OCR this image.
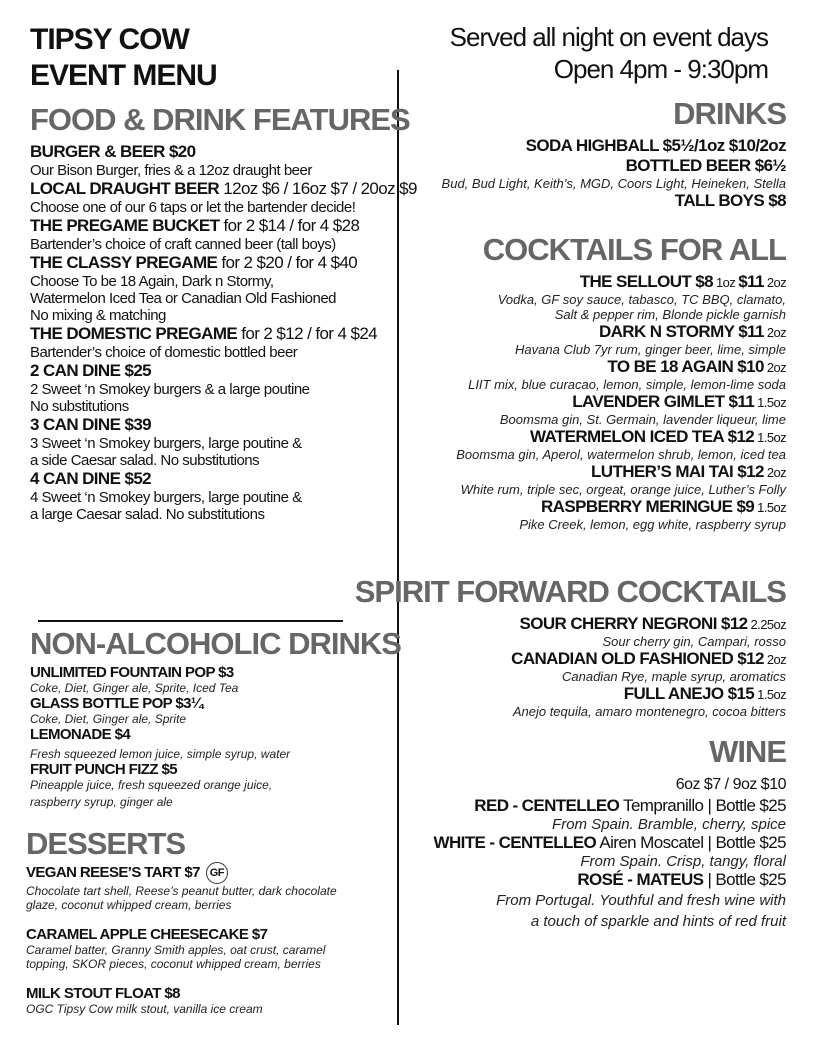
TIPSY COW
EVENT MENU
Served all night on event days
Open 4pm - 9:30pm
FOOD & DRINK FEATURES
BURGER & BEER $20
Our Bison Burger, fries & a 12oz draught beer
LOCAL DRAUGHT BEER 12oz $6 / 16oz $7 / 20oz $9
Choose one of our 6 taps or let the bartender decide!
THE PREGAME BUCKET for 2 $14 / for 4 $28
Bartender’s choice of craft canned beer (tall boys)
THE CLASSY PREGAME for 2 $20 / for 4 $40
Choose To be 18 Again, Dark n Stormy,
Watermelon Iced Tea or Canadian Old Fashioned
No mixing & matching
THE DOMESTIC PREGAME for 2 $12 / for 4 $24
Bartender’s choice of domestic bottled beer
2 CAN DINE $25
2 Sweet ‘n Smokey burgers & a large poutine
No substitutions
3 CAN DINE $39
3 Sweet ‘n Smokey burgers, large poutine &
a side Caesar salad. No substitutions
4 CAN DINE $52
4 Sweet ‘n Smokey burgers, large poutine &
a large Caesar salad. No substitutions
NON-ALCOHOLIC DRINKS
UNLIMITED FOUNTAIN POP $3
Coke, Diet, Ginger ale, Sprite, Iced Tea
GLASS BOTTLE POP $3¼
Coke, Diet, Ginger ale, Sprite
LEMONADE $4
Fresh squeezed lemon juice, simple syrup, water
FRUIT PUNCH FIZZ $5
Pineapple juice, fresh squeezed orange juice,
raspberry syrup, ginger ale
DESSERTS
VEGAN REESE’S TART $7 GF
Chocolate tart shell, Reese’s peanut butter, dark chocolate
glaze, coconut whipped cream, berries
CARAMEL APPLE CHEESECAKE $7
Caramel batter, Granny Smith apples, oat crust, caramel
topping, SKOR pieces, coconut whipped cream, berries
MILK STOUT FLOAT $8
OGC Tipsy Cow milk stout, vanilla ice cream
DRINKS
SODA HIGHBALL $5½/1oz $10/2oz
BOTTLED BEER $6½
Bud, Bud Light, Keith’s, MGD, Coors Light, Heineken, Stella
TALL BOYS $8
COCKTAILS FOR ALL
THE SELLOUT $8 1oz $11 2oz
Vodka, GF soy sauce, tabasco, TC BBQ, clamato,
Salt & pepper rim, Blonde pickle garnish
DARK N STORMY $11 2oz
Havana Club 7yr rum, ginger beer, lime, simple
TO BE 18 AGAIN $10 2oz
LIIT mix, blue curacao, lemon, simple, lemon-lime soda
LAVENDER GIMLET $11 1.5oz
Boomsma gin, St. Germain, lavender liqueur, lime
WATERMELON ICED TEA $12 1.5oz
Boomsma gin, Aperol, watermelon shrub, lemon, iced tea
LUTHER’S MAI TAI $12 2oz
White rum, triple sec, orgeat, orange juice, Luther’s Folly
RASPBERRY MERINGUE $9 1.5oz
Pike Creek, lemon, egg white, raspberry syrup
SPIRIT FORWARD COCKTAILS
SOUR CHERRY NEGRONI $12 2.25oz
Sour cherry gin, Campari, rosso
CANADIAN OLD FASHIONED $12 2oz
Canadian Rye, maple syrup, aromatics
FULL ANEJO $15 1.5oz
Anejo tequila, amaro montenegro, cocoa bitters
WINE
6oz $7 / 9oz $10
RED - CENTELLEO Tempranillo | Bottle $25
From Spain. Bramble, cherry, spice
WHITE - CENTELLEO Airen Moscatel | Bottle $25
From Spain. Crisp, tangy, floral
ROSÉ - MATEUS | Bottle $25
From Portugal. Youthful and fresh wine with
a touch of sparkle and hints of red fruit
